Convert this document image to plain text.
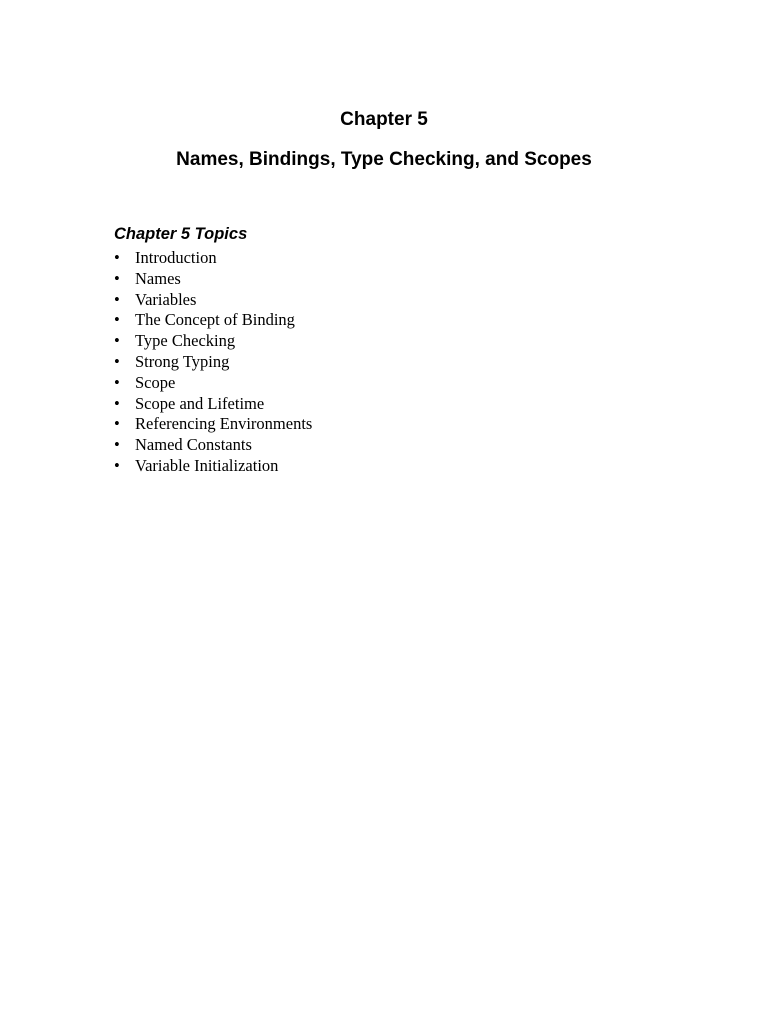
Chapter 5
Names, Bindings, Type Checking, and Scopes
Chapter 5 Topics
• Introduction
• Names
• Variables
• The Concept of Binding
• Type Checking
• Strong Typing
• Scope
• Scope and Lifetime
• Referencing Environments
• Named Constants
• Variable Initialization
